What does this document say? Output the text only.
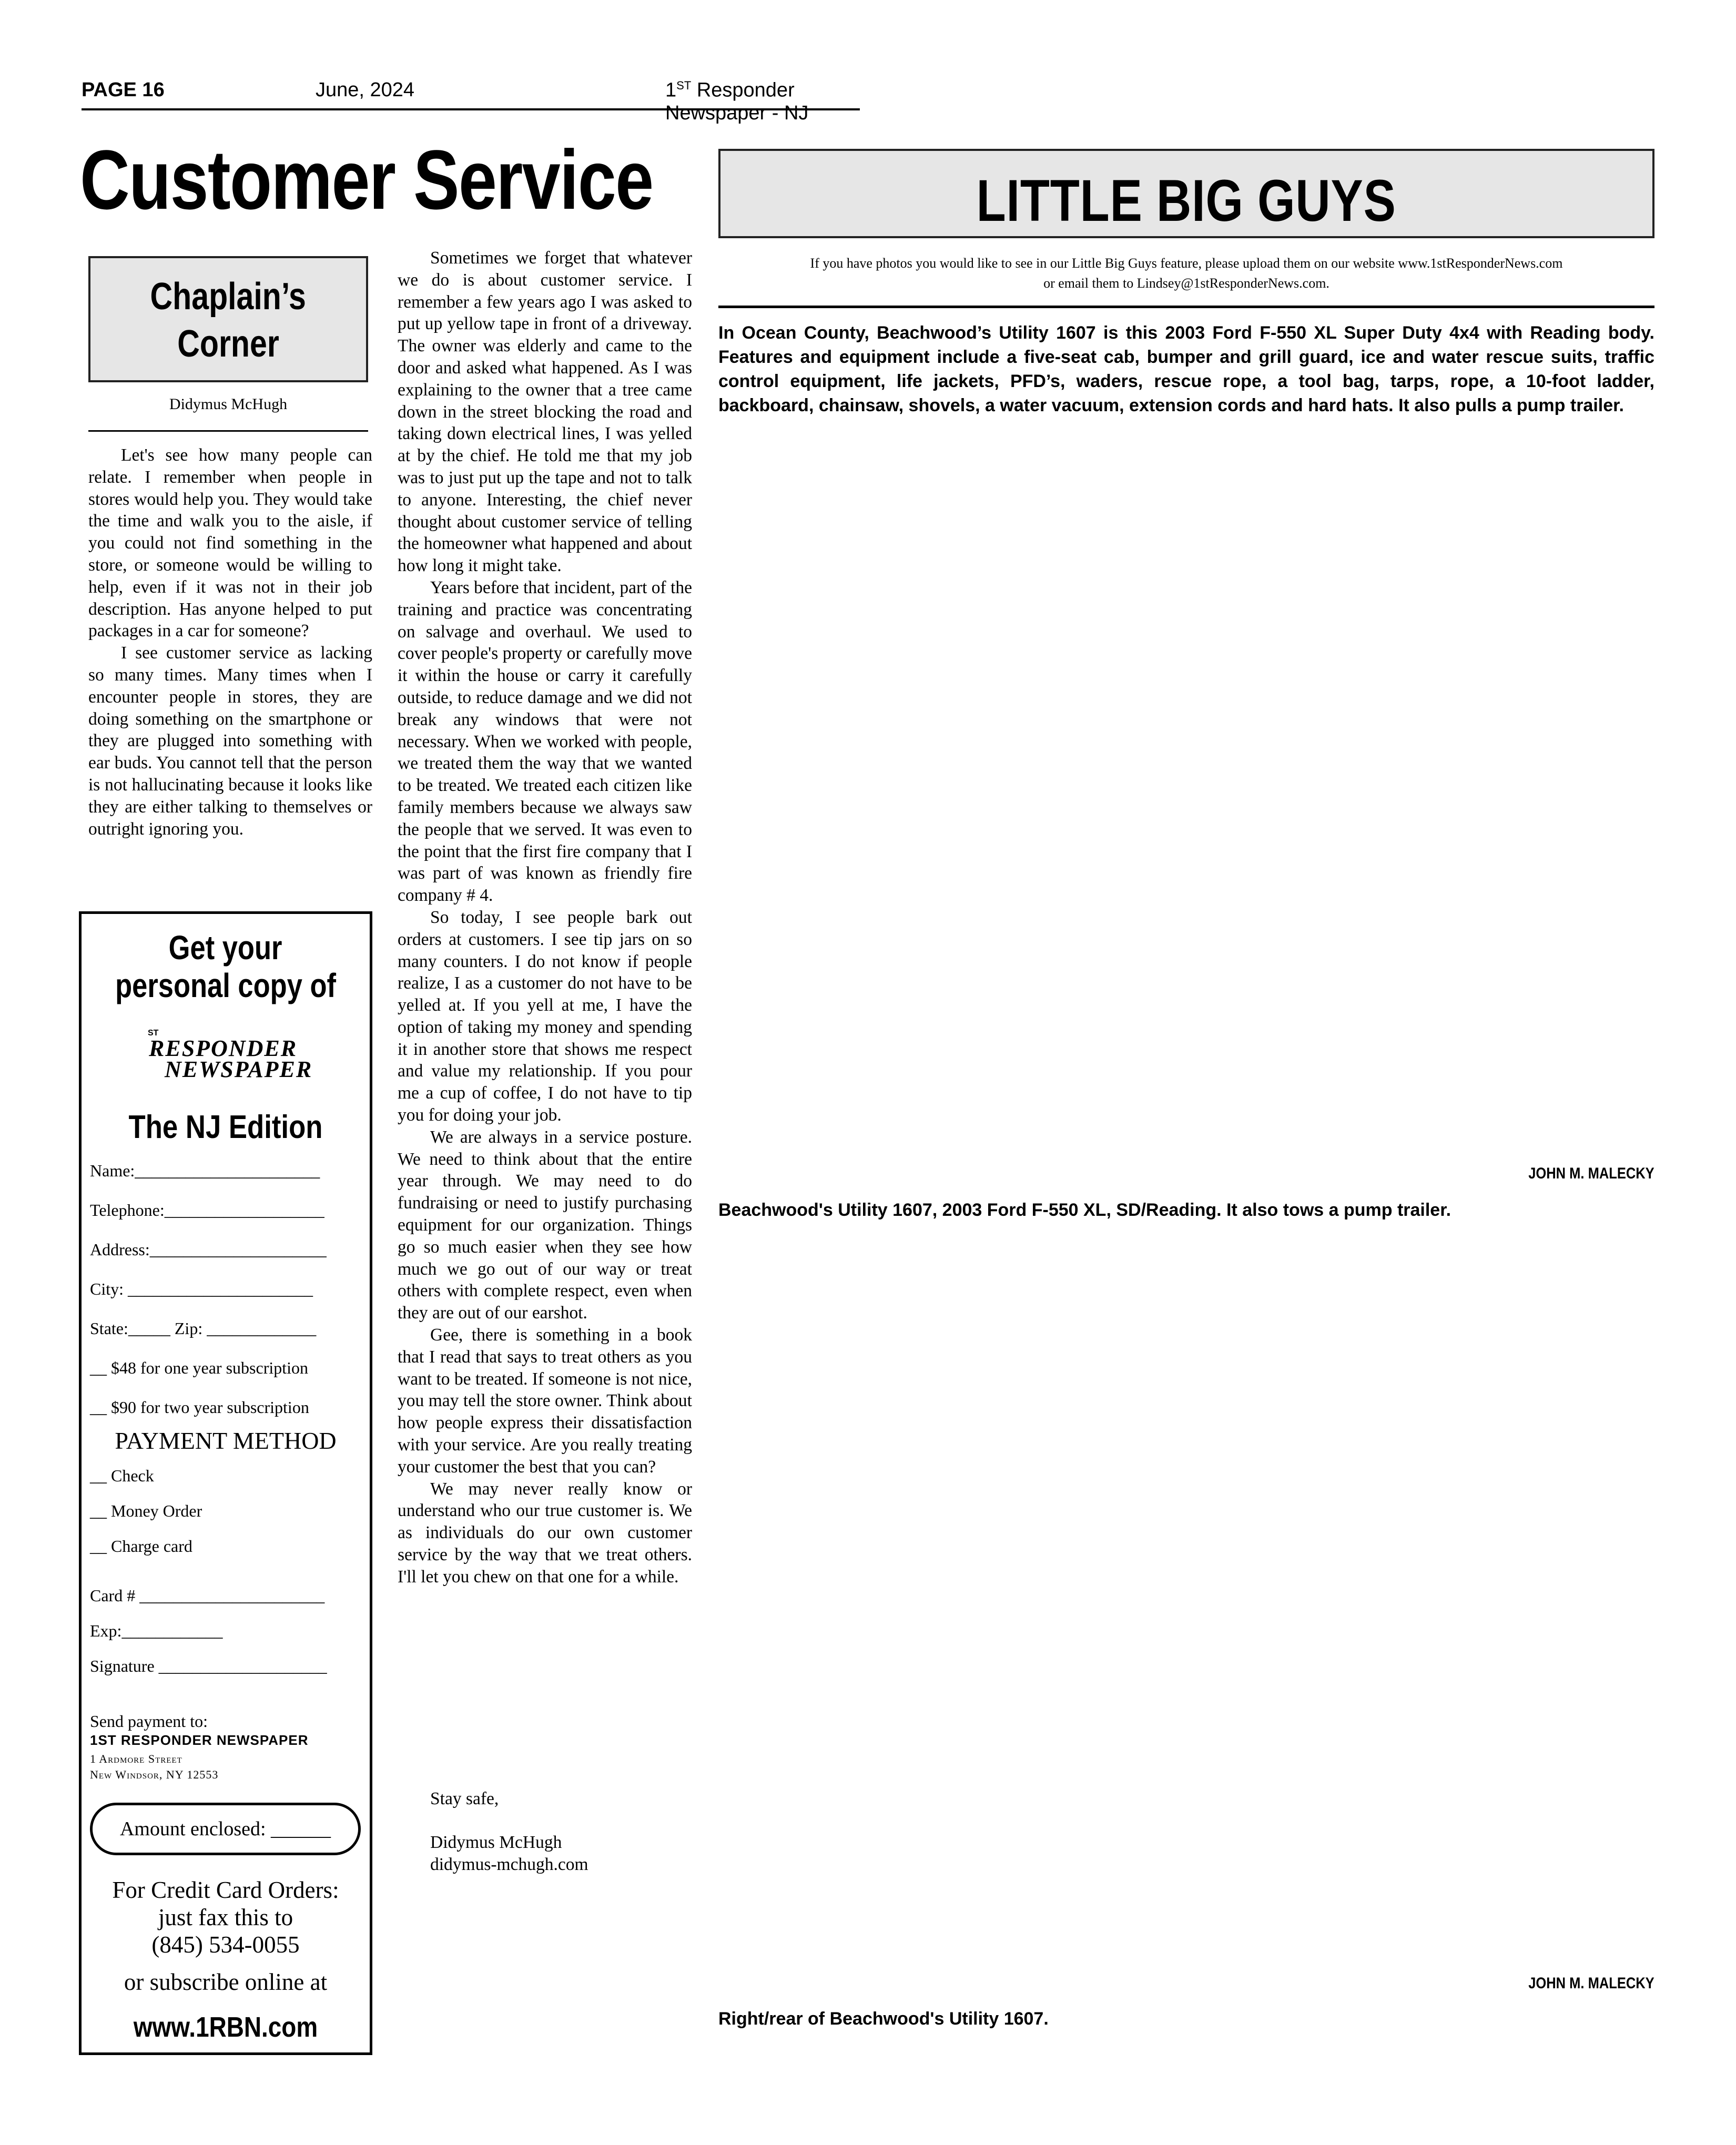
PAGE 16	June, 2024	1ST Responder Newspaper - NJ
Customer Service	LITTLE BIG GUYS
If you have photos you would like to see in our Little Big Guys feature, please upload them on our website www.1stResponderNews.com
or email them to Lindsey@1stResponderNews.com.
In Ocean County, Beachwood’s Utility 1607 is this 2003 Ford F-550 XL Super Duty 4x4 with Reading body. Features and equipment include a five-seat cab, bumper and grill guard, ice and water rescue suits, traffic control equipment, life jackets, PFD’s, waders, rescue rope, a tool bag, tarps, rope, a 10-foot ladder, backboard, chainsaw, shovels, a water vacuum, extension cords and hard hats. It also pulls a pump trailer.
JOHN M. MALECKY
Beachwood's Utility 1607, 2003 Ford F-550 XL, SD/Reading. It also tows a pump trailer.
JOHN M. MALECKY
Right/rear of Beachwood's Utility 1607.
Chaplain’s
Corner
Didymus McHugh

Let's see how many people can relate. I remember when people in stores would help you. They would take the time and walk you to the aisle, if you could not find something in the store, or someone would be willing to help, even if it was not in their job description. Has anyone helped to put packages in a car for someone?

I see customer service as lacking so many times. Many times when I encounter people in stores, they are doing something on the smartphone or they are plugged into something with ear buds. You cannot tell that the person is not hallucinating because it looks like they are either talking to themselves or outright ignoring you.

Sometimes we forget that whatever we do is about customer service. I remember a few years ago I was asked to put up yellow tape in front of a driveway. The owner was elderly and came to the door and asked what happened. As I was explaining to the owner that a tree came down in the street blocking the road and taking down electrical lines, I was yelled at by the chief. He told me that my job was to just put up the tape and not to talk to anyone. Interesting, the chief never thought about customer service of telling the homeowner what happened and about how long it might take.

Years before that incident, part of the training and practice was concentrating on salvage and overhaul. We used to cover people's property or carefully move it within the house or carry it carefully outside, to reduce damage and we did not break any windows that were not necessary. When we worked with people, we treated them the way that we wanted to be treated. We treated each citizen like family members because we always saw the people that we served. It was even to the point that the first fire company that I was part of was known as friendly fire company # 4.

So today, I see people bark out orders at customers. I see tip jars on so many counters. I do not know if people realize, I as a customer do not have to be yelled at. If you yell at me, I have the option of taking my money and spending it in another store that shows me respect and value my relationship. If you pour me a cup of coffee, I do not have to tip you for doing your job.

We are always in a service posture. We need to think about that the entire year through. We may need to do fundraising or need to justify purchasing equipment for our organization. Things go so much easier when they see how much we go out of our way or treat others with complete respect, even when they are out of our earshot.

Gee, there is something in a book that I read that says to treat others as you want to be treated. If someone is not nice, you may tell the store owner. Think about how people express their dissatisfaction with your service. Are you really treating your customer the best that you can?

We may never really know or understand who our true customer is. We as individuals do our own customer service by the way that we treat others. I'll let you chew on that one for a while.

Stay safe,
Didymus McHugh
didymus-mchugh.com
Get your
personal copy of
ST
RESPONDER
NEWSPAPER
The NJ Edition
Name:______________________
Telephone:___________________
Address:_____________________
City: ______________________
State:_____ Zip: _____________
__ $48 for one year subscription
__ $90 for two year subscription
PAYMENT METHOD
__ Check
__ Money Order
__ Charge card
Card # ______________________
Exp:____________
Signature ____________________
Send payment to:
1ST RESPONDER NEWSPAPER
1 Ardmore Street
New Windsor, NY 12553
Amount enclosed: ______
For Credit Card Orders:
just fax this to
(845) 534-0055
or subscribe online at
www.1RBN.com
